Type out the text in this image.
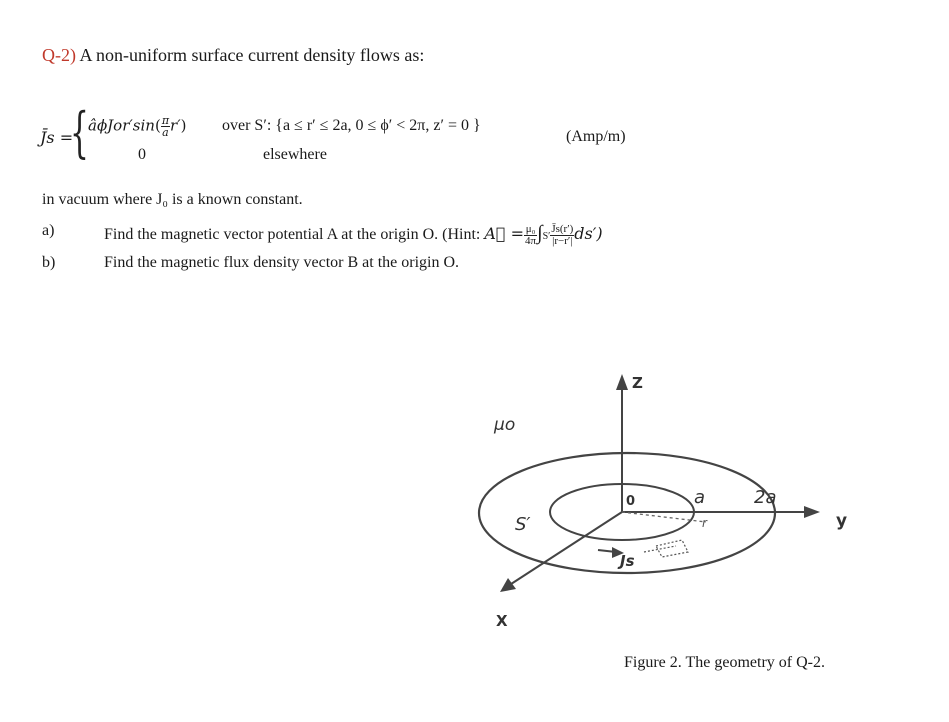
Q-2) A non-uniform surface current density flows as:
J̄s =
{ âϕJor′sin( $\frac{\pi}{a} r'$) over S′: {a ≤ r′ ≤ 2a, 0 ≤ ϕ′ < 2π, z′ = 0 }
0	elsewhere
(Amp/m)
in vacuum where J₀ is a known constant.
a)	Find the magnetic vector potential A at the origin O. (Hint: A⃗ = $\frac{\text{μ₀}}{4\pi} \int S' \frac{J̄s(r')}{|r-r'|} ds'$)
b)	Find the magnetic flux density vector B at the origin O.
Z
y
X
μo
0	a	2a
r
S′
Js
Figure 2. The geometry of Q-2.
